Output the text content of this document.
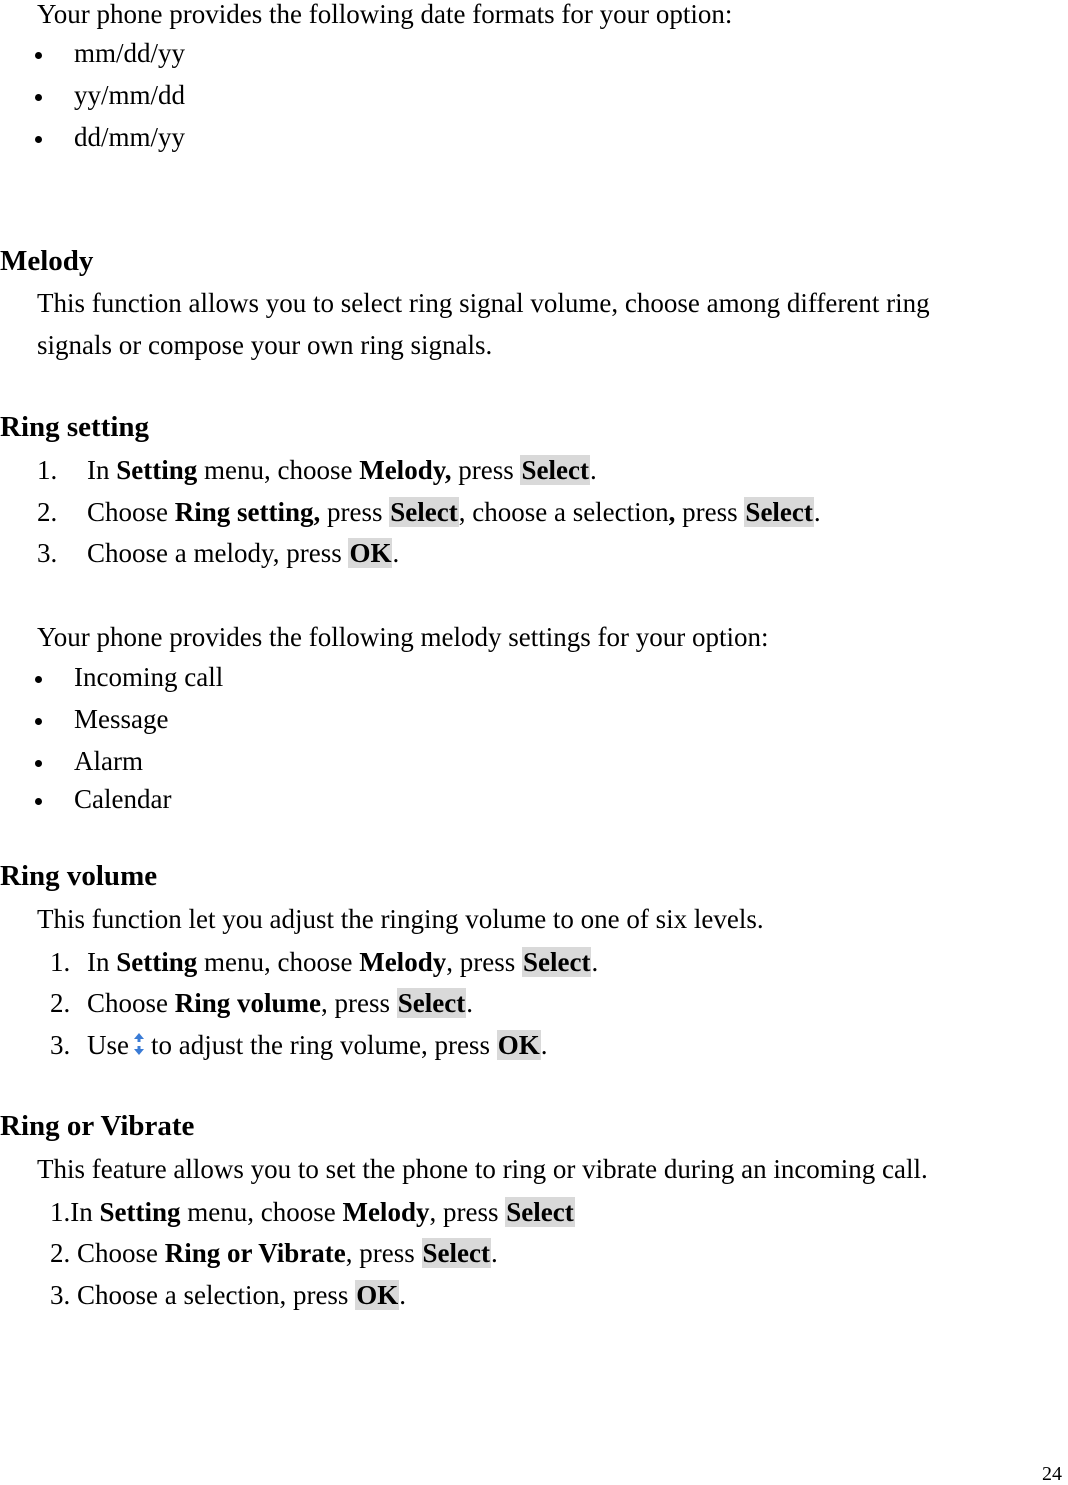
Your phone provides the following date formats for your option:
mm/dd/yy
yy/mm/dd
dd/mm/yy
Melody
This function allows you to select ring signal volume, choose among different ring
signals or compose your own ring signals.
Ring setting
1. In Setting menu, choose Melody, press Select.
2. Choose Ring setting, press Select, choose a selection, press Select.
3. Choose a melody, press OK.
Your phone provides the following melody settings for your option:
Incoming call
Message
Alarm
Calendar
Ring volume
This function let you adjust the ringing volume to one of six levels.
1. In Setting menu, choose Melody, press Select.
2. Choose Ring volume, press Select.
3. Use to adjust the ring volume, press OK.
Ring or Vibrate
This feature allows you to set the phone to ring or vibrate during an incoming call.
1.In Setting menu, choose Melody, press Select
2. Choose Ring or Vibrate, press Select.
3. Choose a selection, press OK.
24
